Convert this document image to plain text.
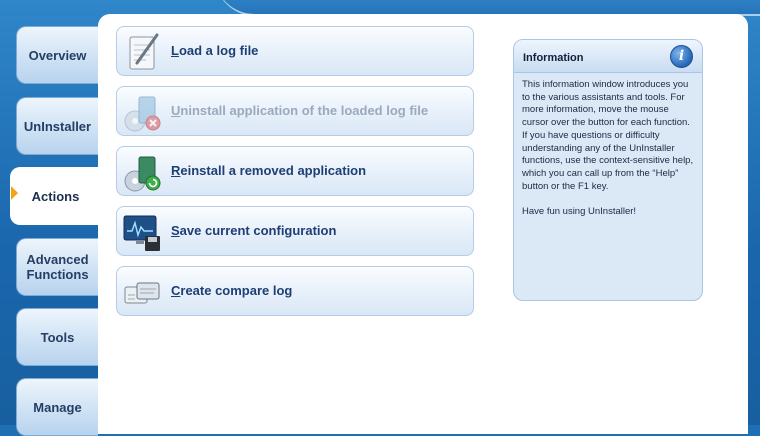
Overview
UnInstaller
Actions
Advanced Functions
Tools
Manage
Load a log file
Uninstall application of the loaded log file
Reinstall a removed application
Save current configuration
Create compare log
Information	i

This information window introduces you to the various assistants and tools. For more information, move the mouse cursor over the button for each function. If you have questions or difficulty understanding any of the UnInstaller functions, use the context-sensitive help, which you can call up from the “Help” button or the F1 key.

Have fun using UnInstaller!
